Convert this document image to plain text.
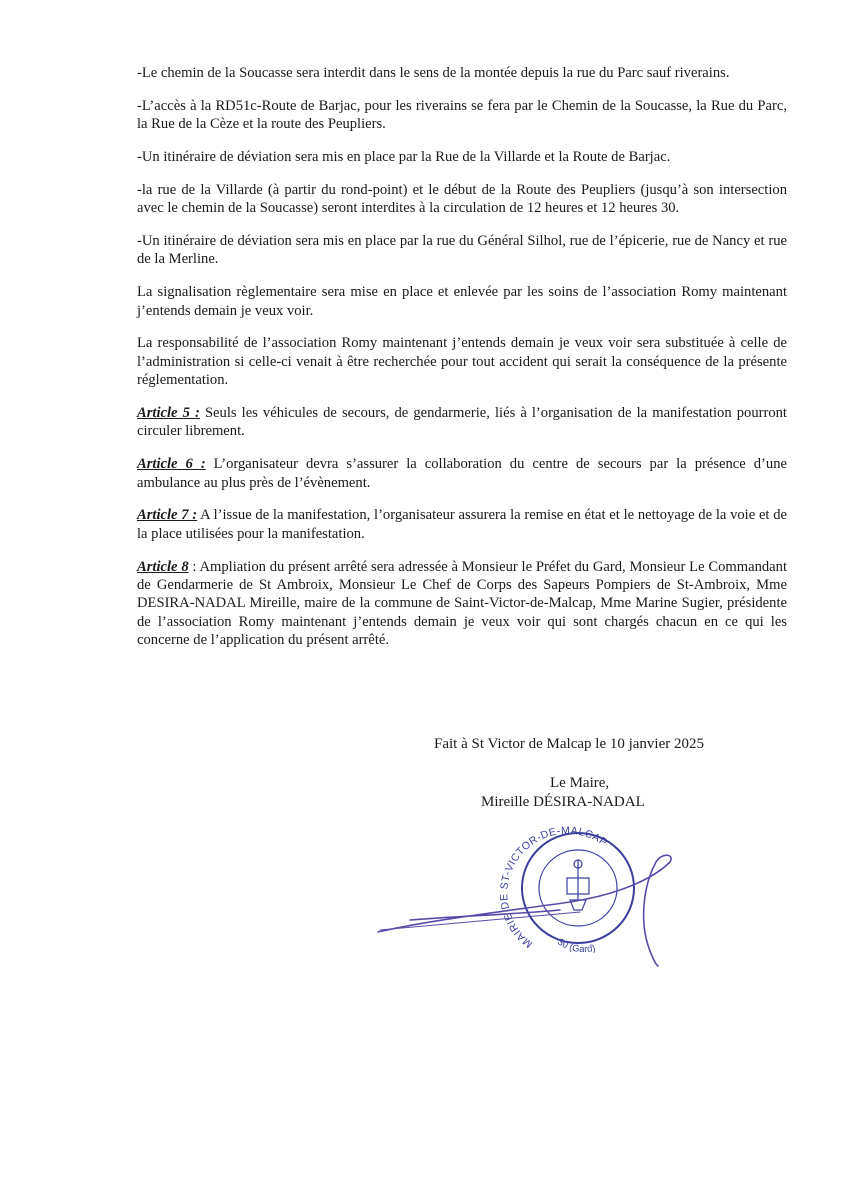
-Le chemin de la Soucasse sera interdit dans le sens de la montée depuis la rue du Parc sauf riverains.

-L’accès à la RD51c-Route de Barjac, pour les riverains se fera par le Chemin de la Soucasse, la Rue du Parc, la Rue de la Cèze et la route des Peupliers.

-Un itinéraire de déviation sera mis en place par la Rue de la Villarde et la Route de Barjac.

-la rue de la Villarde (à partir du rond-point) et le début de la Route des Peupliers (jusqu’à son intersection avec le chemin de la Soucasse) seront interdites à la circulation de 12 heures et 12 heures 30.

-Un itinéraire de déviation sera mis en place par la rue du Général Silhol, rue de l’épicerie, rue de Nancy et rue de la Merline.

La signalisation règlementaire sera mise en place et enlevée par les soins de l’association Romy maintenant j’entends demain je veux voir.

La responsabilité de l’association Romy maintenant j’entends demain je veux voir sera substituée à celle de l’administration si celle-ci venait à être recherchée pour tout accident qui serait la conséquence de la présente réglementation.

Article 5 : Seuls les véhicules de secours, de gendarmerie, liés à l’organisation de la manifestation pourront circuler librement.

Article 6 : L’organisateur devra s’assurer la collaboration du centre de secours par la présence d’une ambulance au plus près de l’évènement.

Article 7 : A l’issue de la manifestation, l’organisateur assurera la remise en état et le nettoyage de la voie et de la place utilisées pour la manifestation.

Article 8 : Ampliation du présent arrêté sera adressée à Monsieur le Préfet du Gard, Monsieur Le Commandant de Gendarmerie de St Ambroix, Monsieur Le Chef de Corps des Sapeurs Pompiers de St-Ambroix, Mme DESIRA-NADAL Mireille, maire de la commune de Saint-Victor-de-Malcap, Mme Marine Sugier, présidente de l’association Romy maintenant j’entends demain je veux voir qui sont chargés chacun en ce qui les concerne de l’application du présent arrêté.

Fait à St Victor de Malcap le 10 janvier 2025
Le Maire,
Mireille DÉSIRA-NADAL
MAIRIE DE ST-VICTOR-DE-MALCAP
30 (Gard)
